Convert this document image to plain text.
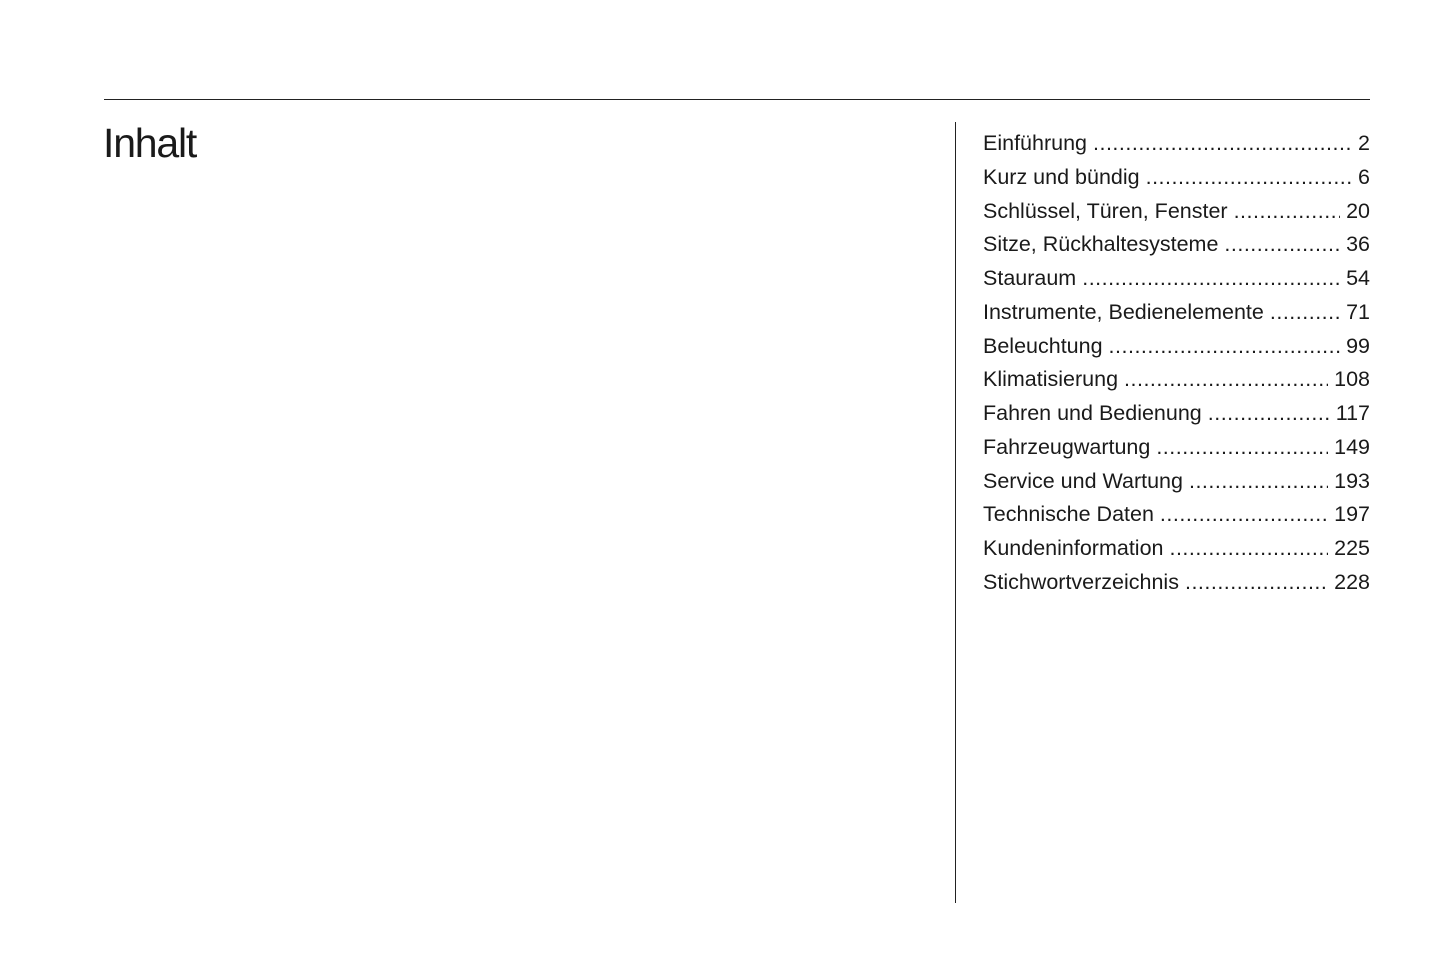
Inhalt	Einführung .....	2
Kurz und bündig .....	6
Schlüssel, Türen, Fenster .....	20
Sitze, Rückhaltesysteme .....	36
Stauraum .....	54
Instrumente, Bedienelemente .....	71
Beleuchtung .....	99
Klimatisierung .....	108
Fahren und Bedienung .....	117
Fahrzeugwartung .....	149
Service und Wartung .....	193
Technische Daten .....	197
Kundeninformation .....	225
Stichwortverzeichnis .....	228
